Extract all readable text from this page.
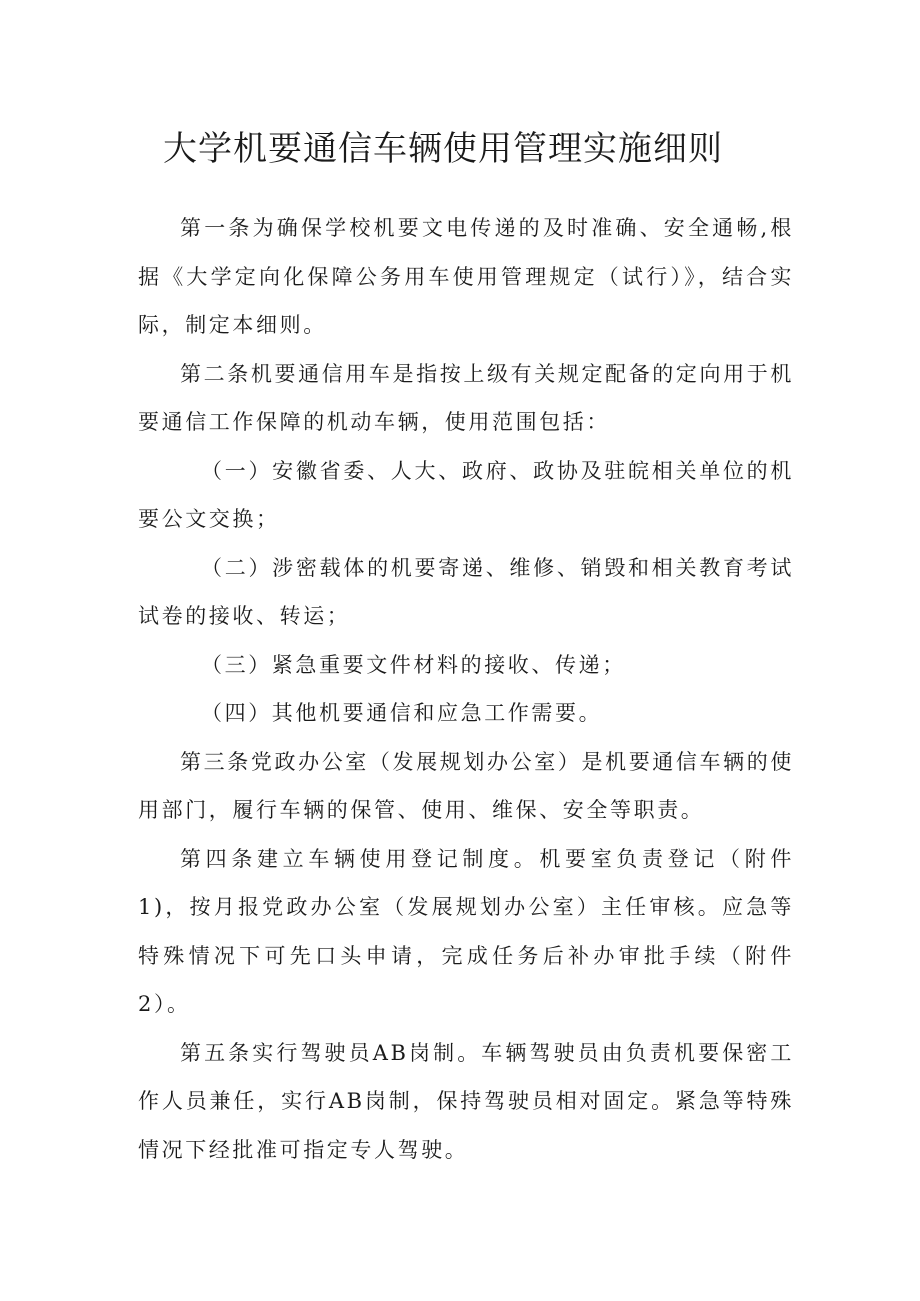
大学机要通信车辆使用管理实施细则

第一条为确保学校机要文电传递的及时准确、安全通畅,根据《大学定向化保障公务用车使用管理规定（试行）》，结合实际，制定本细则。

第二条机要通信用车是指按上级有关规定配备的定向用于机要通信工作保障的机动车辆，使用范围包括：

（一）安徽省委、人大、政府、政协及驻皖相关单位的机要公文交换；

（二）涉密载体的机要寄递、维修、销毁和相关教育考试试卷的接收、转运；

（三）紧急重要文件材料的接收、传递；

（四）其他机要通信和应急工作需要。

第三条党政办公室（发展规划办公室）是机要通信车辆的使用部门，履行车辆的保管、使用、维保、安全等职责。

第四条建立车辆使用登记制度。机要室负责登记（附件1)，按月报党政办公室（发展规划办公室）主任审核。应急等特殊情况下可先口头申请，完成任务后补办审批手续（附件2）。

第五条实行驾驶员AB岗制。车辆驾驶员由负责机要保密工作人员兼任，实行AB岗制，保持驾驶员相对固定。紧急等特殊情况下经批准可指定专人驾驶。
